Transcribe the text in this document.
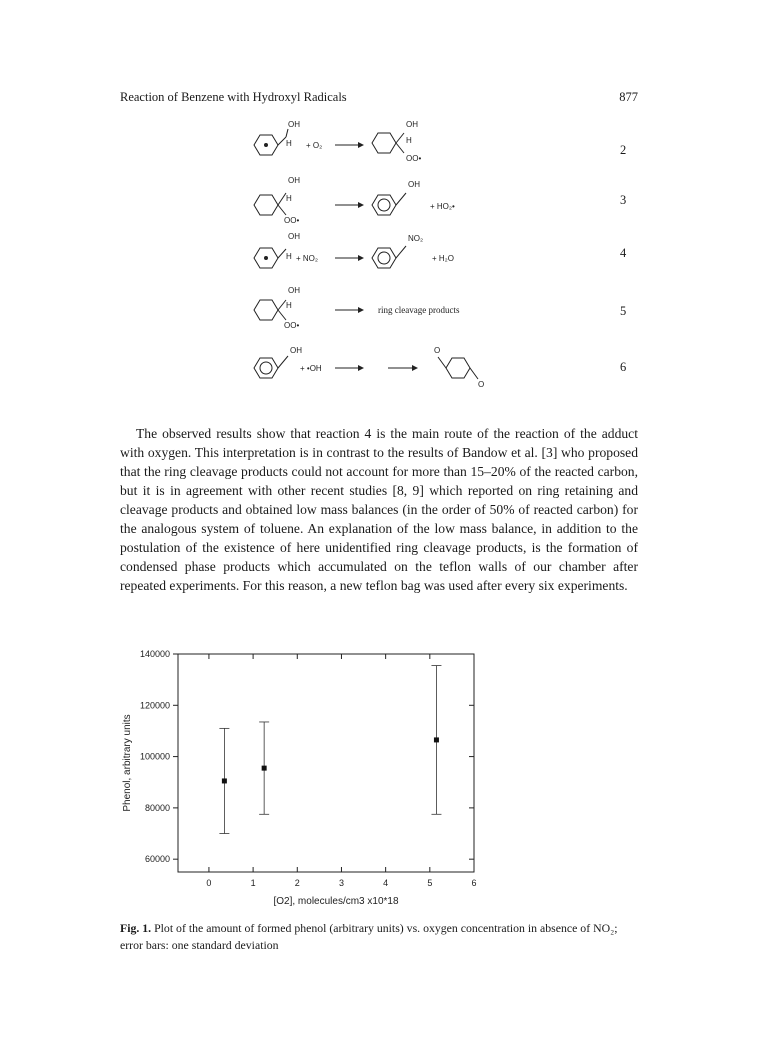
Reaction of Benzene with Hydroxyl Radicals	877
OH
H + O₂
OH
H
OO•
OH
H
OO•
OH
+ HO₂•
OH
H + NO₂
NO₂
+ H₂O
OH
H
OO•
ring cleavage products
OH
+ •OH
O
O
2
3
4
5
6

The observed results show that reaction 4 is the main route of the reaction of the adduct with oxygen. This interpretation is in contrast to the results of Bandow et al. [3] who proposed that the ring cleavage products could not account for more than 15–20% of the reacted carbon, but it is in agreement with other recent studies [8, 9] which reported on ring retaining and cleavage products and obtained low mass balances (in the order of 50% of reacted carbon) for the analogous system of toluene. An explanation of the low mass balance, in addition to the postulation of the existence of here unidentified ring cleavage products, is the formation of condensed phase products which accumulated on the teflon walls of our chamber after repeated experiments. For this reason, a new teflon bag was used after every six experiments.

0	1	2	3	4	5	6
60000
80000
100000
120000
140000
[O2], molecules/cm3 x10*18
Phenol, arbitrary units
Fig. 1. Plot of the amount of formed phenol (arbitrary units) vs. oxygen concentration in absence of NO₂; error bars: one standard deviation
